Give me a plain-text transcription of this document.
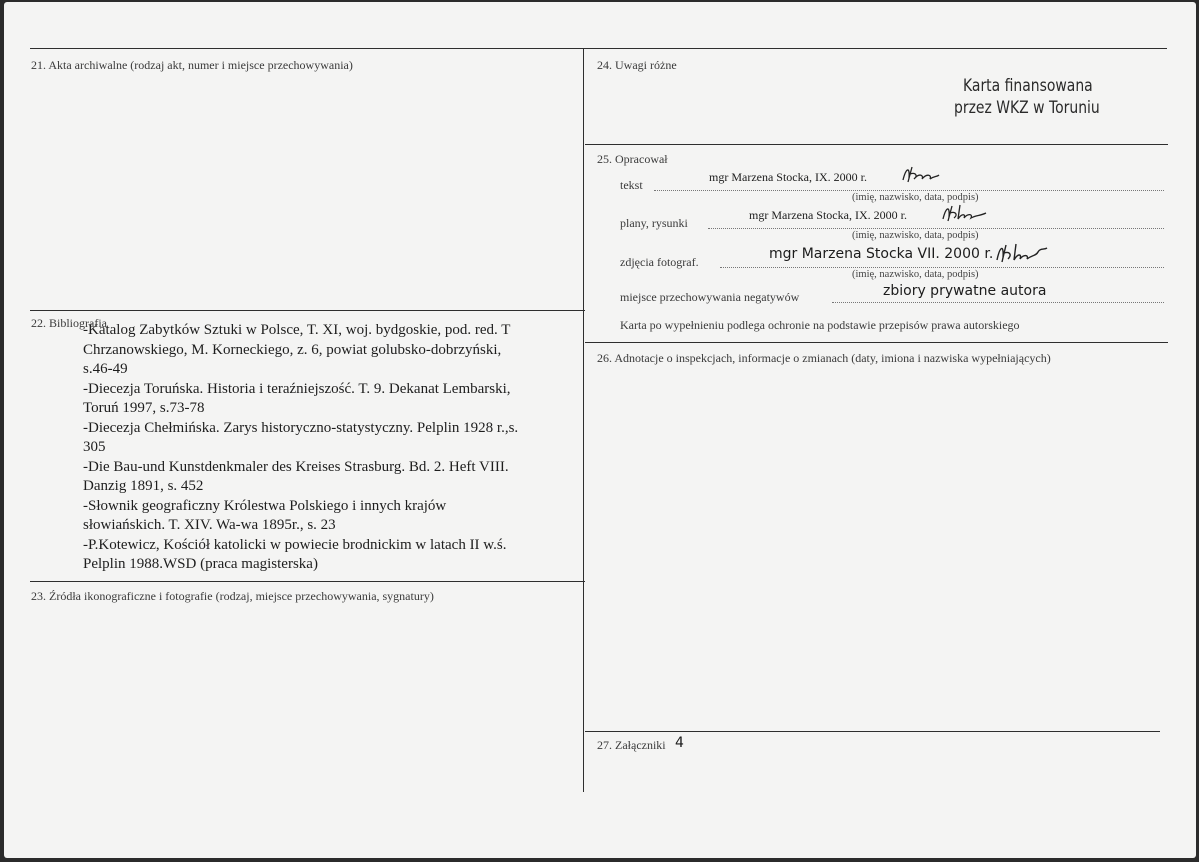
21. Akta archiwalne (rodzaj akt, numer i miejsce przechowywania)
22. Bibliografia
-Katalog Zabytków Sztuki w Polsce, T. XI, woj. bydgoskie, pod. red. T
Chrzanowskiego, M. Korneckiego, z. 6, powiat golubsko-dobrzyński,
s.46-49
-Diecezja Toruńska. Historia i teraźniejszość. T. 9. Dekanat Lembarski,
Toruń 1997, s.73-78
-Diecezja Chełmińska. Zarys historyczno-statystyczny. Pelplin 1928 r.,s.
305
-Die Bau-und Kunstdenkmaler des Kreises Strasburg. Bd. 2. Heft VIII.
Danzig 1891, s. 452
-Słownik geograficzny Królestwa Polskiego i innych krajów
słowiańskich. T. XIV. Wa-wa 1895r., s. 23
-P.Kotewicz, Kościół katolicki w powiecie brodnickim w latach II w.ś.
Pelplin 1988.WSD (praca magisterska)
23. Źródła ikonograficzne i fotografie (rodzaj, miejsce przechowywania, sygnatury)
24. Uwagi różne
Karta finansowana
przez WKZ w Toruniu
25. Opracował
tekst
mgr Marzena Stocka, IX. 2000 r.
(imię, nazwisko, data, podpis)
plany, rysunki
mgr Marzena Stocka, IX. 2000 r.
(imię, nazwisko, data, podpis)
zdjęcia fotograf.	mgr Marzena Stocka VII. 2000 r.
(imię, nazwisko, data, podpis)
miejsce przechowywania negatywów	zbiory prywatne autora
Karta po wypełnieniu podlega ochronie na podstawie przepisów prawa autorskiego
26. Adnotacje o inspekcjach, informacje o zmianach (daty, imiona i nazwiska wypełniających)
27. Załączniki 4
